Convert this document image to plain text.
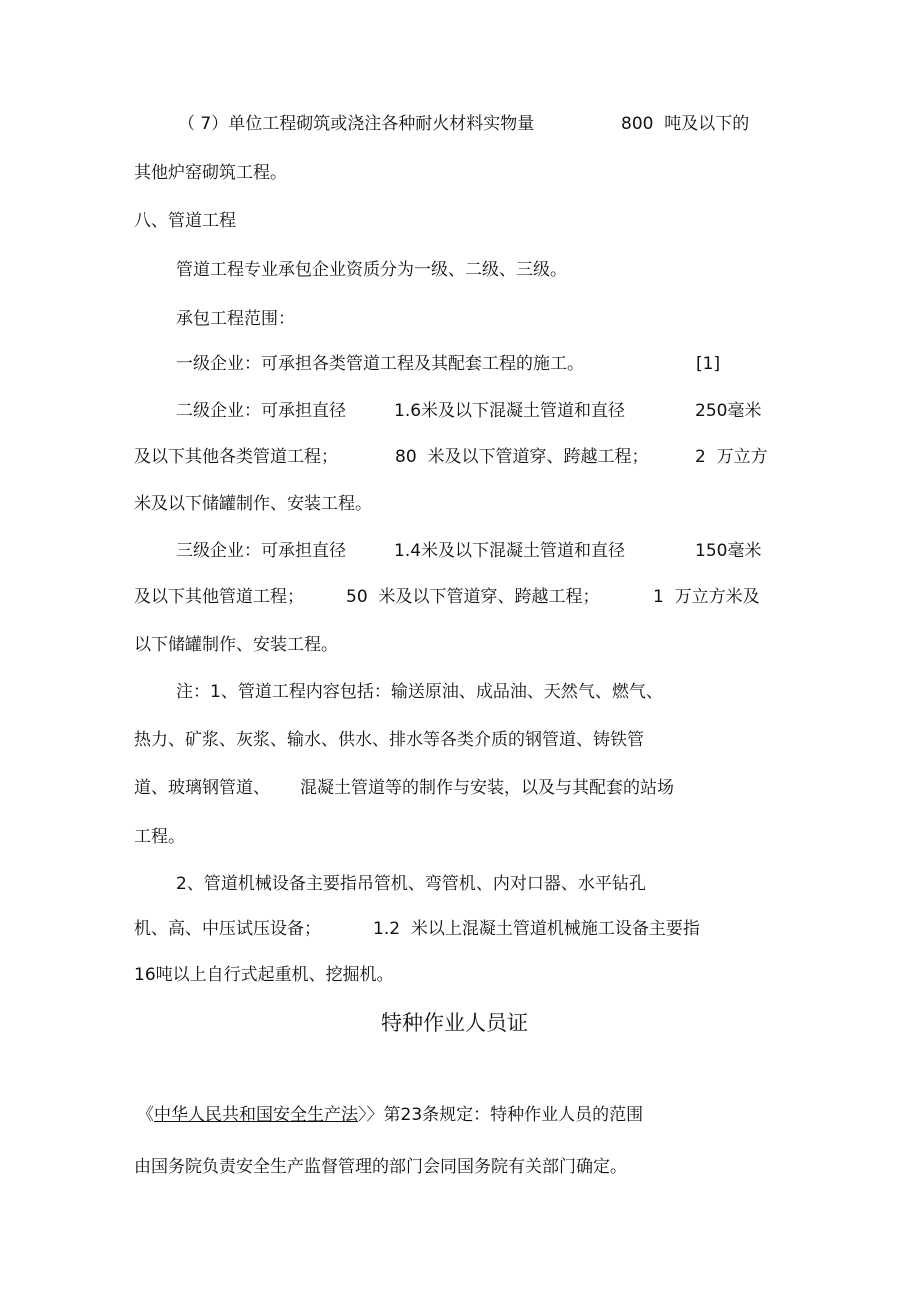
（ 7）单位工程砌筑或浇注各种耐火材料实物量	800  吨及以下的
其他炉窑砌筑工程。
八、管道工程
管道工程专业承包企业资质分为一级、二级、三级。
承包工程范围：
一级企业：可承担各类管道工程及其配套工程的施工。	[1]
二级企业：可承担直径	1.6米及以下混凝土管道和直径	250毫米
及以下其他各类管道工程；	80  米及以下管道穿、跨越工程；	2  万立方
米及以下储罐制作、安装工程。
三级企业：可承担直径	1.4米及以下混凝土管道和直径	150毫米
及以下其他管道工程； 50  米及以下管道穿、跨越工程；	1  万立方米及
以下储罐制作、安装工程。
注：1、管道工程内容包括：输送原油、成品油、天然气、燃气、
热力、矿浆、灰浆、输水、供水、排水等各类介质的钢管道、铸铁管
道、玻璃钢管道、 混凝土管道等的制作与安装，以及与其配套的站场
工程。
2、管道机械设备主要指吊管机、弯管机、内对口器、水平钻孔
机、高、中压试压设备；	1.2  米以上混凝土管道机械施工设备主要指
16吨以上自行式起重机、挖掘机。
特种作业人员证
《中华人民共和国安全生产法〉〉第23条规定：特种作业人员的范围
由国务院负责安全生产监督管理的部门会同国务院有关部门确定。
